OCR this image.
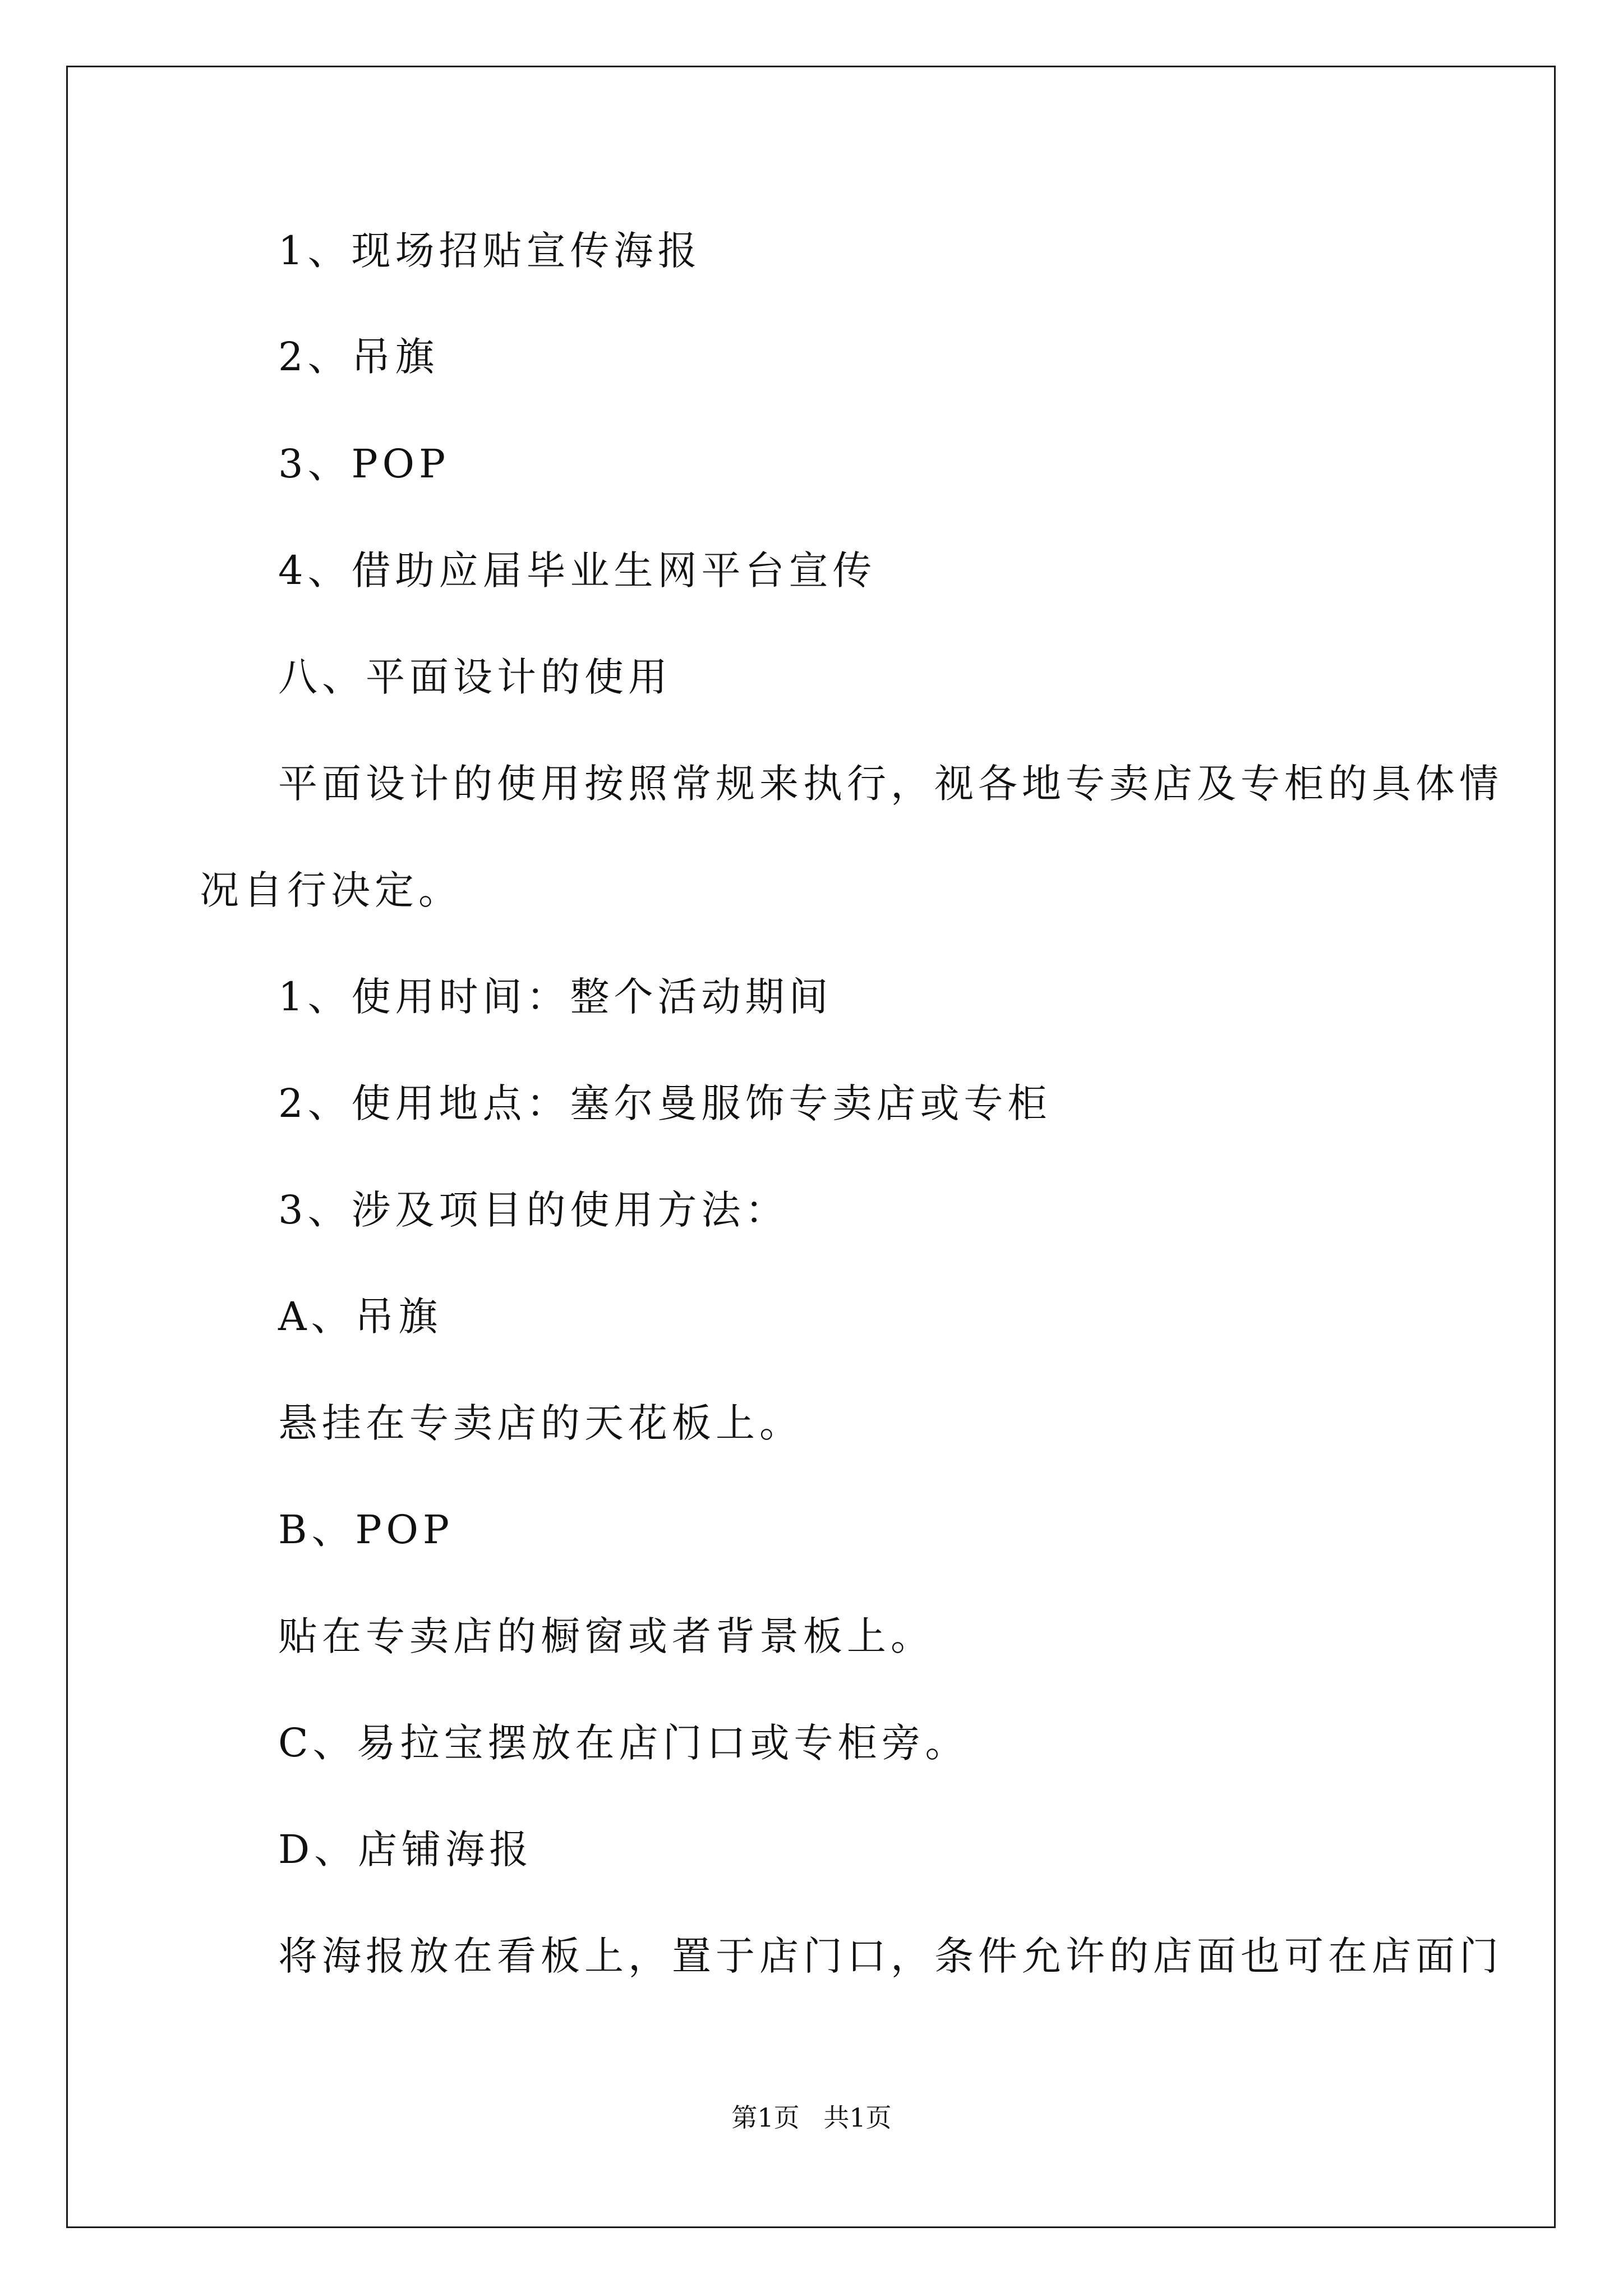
1、现场招贴宣传海报
2、吊旗
3、POP
4、借助应届毕业生网平台宣传
八、平面设计的使用
平面设计的使用按照常规来执行，视各地专卖店及专柜的具体情
况自行决定。
1、使用时间：整个活动期间
2、使用地点：塞尔曼服饰专卖店或专柜
3、涉及项目的使用方法：
A、吊旗
悬挂在专卖店的天花板上。
B、POP
贴在专卖店的橱窗或者背景板上。
C、易拉宝摆放在店门口或专柜旁。
D、店铺海报
将海报放在看板上，置于店门口，条件允许的店面也可在店面门
第1页 共1页
